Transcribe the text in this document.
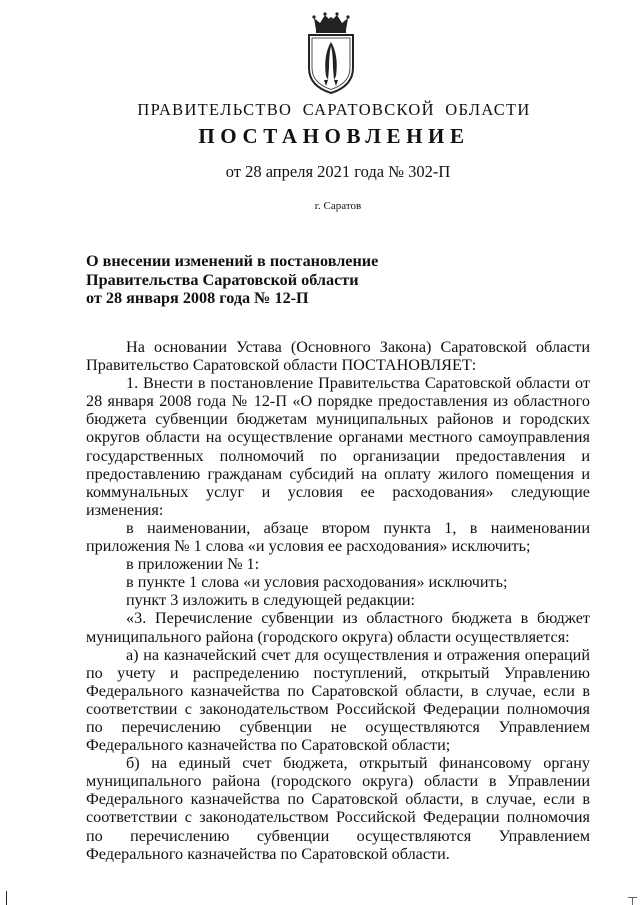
ПРАВИТЕЛЬСТВО САРАТОВСКОЙ ОБЛАСТИ
ПОСТАНОВЛЕНИЕ
от 28 апреля 2021 года № 302-П
г. Саратов
О внесении изменений в постановление
Правительства Саратовской области
от 28 января 2008 года № 12-П

На основании Устава (Основного Закона) Саратовской области Правительство Саратовской области ПОСТАНОВЛЯЕТ:

1. Внести в постановление Правительства Саратовской области от 28 января 2008 года № 12-П «О порядке предоставления из областного бюджета субвенции бюджетам муниципальных районов и городских округов области на осуществление органами местного самоуправления государственных полномочий по организации предоставления и предоставлению гражданам субсидий на оплату жилого помещения и коммунальных услуг и условия ее расходования» следующие изменения:

в наименовании, абзаце втором пункта 1, в наименовании приложения № 1 слова «и условия ее расходования» исключить;

в приложении № 1:

в пункте 1 слова «и условия расходования» исключить;

пункт 3 изложить в следующей редакции:

«3. Перечисление субвенции из областного бюджета в бюджет муниципального района (городского округа) области осуществляется:

а) на казначейский счет для осуществления и отражения операций по учету и распределению поступлений, открытый Управлению Федерального казначейства по Саратовской области, в случае, если в соответствии с законодательством Российской Федерации полномочия по перечислению субвенции не осуществляются Управлением Федерального казначейства по Саратовской области;

б) на единый счет бюджета, открытый финансовому органу муниципального района (городского округа) области в Управлении Федерального казначейства по Саратовской области, в случае, если в соответствии с законодательством Российской Федерации полномочия по перечислению субвенции осуществляются Управлением Федерального казначейства по Саратовской области.
